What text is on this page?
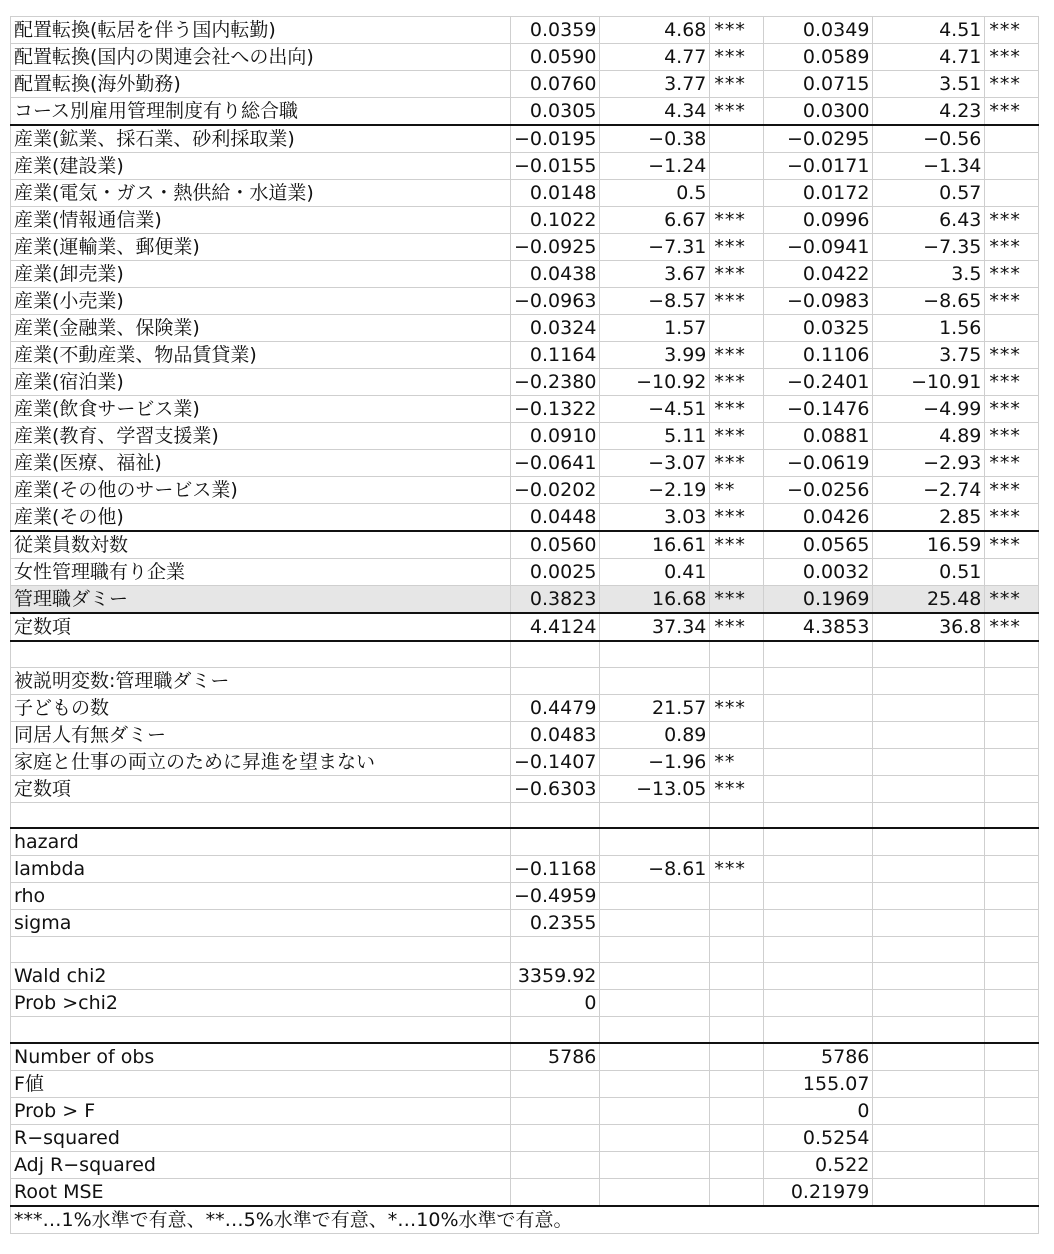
配置転換(転居を伴う国内転勤)	0.0359	4.68	***	0.0349	4.51	***
配置転換(国内の関連会社への出向)	0.0590	4.77	***	0.0589	4.71	***
配置転換(海外勤務)	0.0760	3.77	***	0.0715	3.51	***
コース別雇用管理制度有り総合職	0.0305	4.34	***	0.0300	4.23	***
産業(鉱業、採石業、砂利採取業)	−0.0195	−0.38		−0.0295	−0.56	
産業(建設業)	−0.0155	−1.24		−0.0171	−1.34	
産業(電気・ガス・熱供給・水道業)	0.0148	0.5		0.0172	0.57	
産業(情報通信業)	0.1022	6.67	***	0.0996	6.43	***
産業(運輸業、郵便業)	−0.0925	−7.31	***	−0.0941	−7.35	***
産業(卸売業)	0.0438	3.67	***	0.0422	3.5	***
産業(小売業)	−0.0963	−8.57	***	−0.0983	−8.65	***
産業(金融業、保険業)	0.0324	1.57		0.0325	1.56	
産業(不動産業、物品賃貸業)	0.1164	3.99	***	0.1106	3.75	***
産業(宿泊業)	−0.2380	−10.92	***	−0.2401	−10.91	***
産業(飲食サービス業)	−0.1322	−4.51	***	−0.1476	−4.99	***
産業(教育、学習支援業)	0.0910	5.11	***	0.0881	4.89	***
産業(医療、福祉)	−0.0641	−3.07	***	−0.0619	−2.93	***
産業(その他のサービス業)	−0.0202	−2.19	**	−0.0256	−2.74	***
産業(その他)	0.0448	3.03	***	0.0426	2.85	***
従業員数対数	0.0560	16.61	***	0.0565	16.59	***
女性管理職有り企業	0.0025	0.41		0.0032	0.51	
管理職ダミー	0.3823	16.68	***	0.1969	25.48	***
定数項	4.4124	37.34	***	4.3853	36.8	***

被説明変数:管理職ダミー						
子どもの数	0.4479	21.57	***			
同居人有無ダミー	0.0483	0.89				
家庭と仕事の両立のために昇進を望まない	−0.1407	−1.96	**			
定数項	−0.6303	−13.05	***			

hazard						
lambda	−0.1168	−8.61	***			
rho	−0.4959					
sigma	0.2355					

Wald chi2	3359.92					
Prob >chi2	0					

Number of obs	5786			5786		
F値				155.07		
Prob > F				0		
R−squared				0.5254		
Adj R−squared				0.522		
Root MSE				0.21979		
***…1%水準で有意、**…5%水準で有意、*…10%水準で有意。						
